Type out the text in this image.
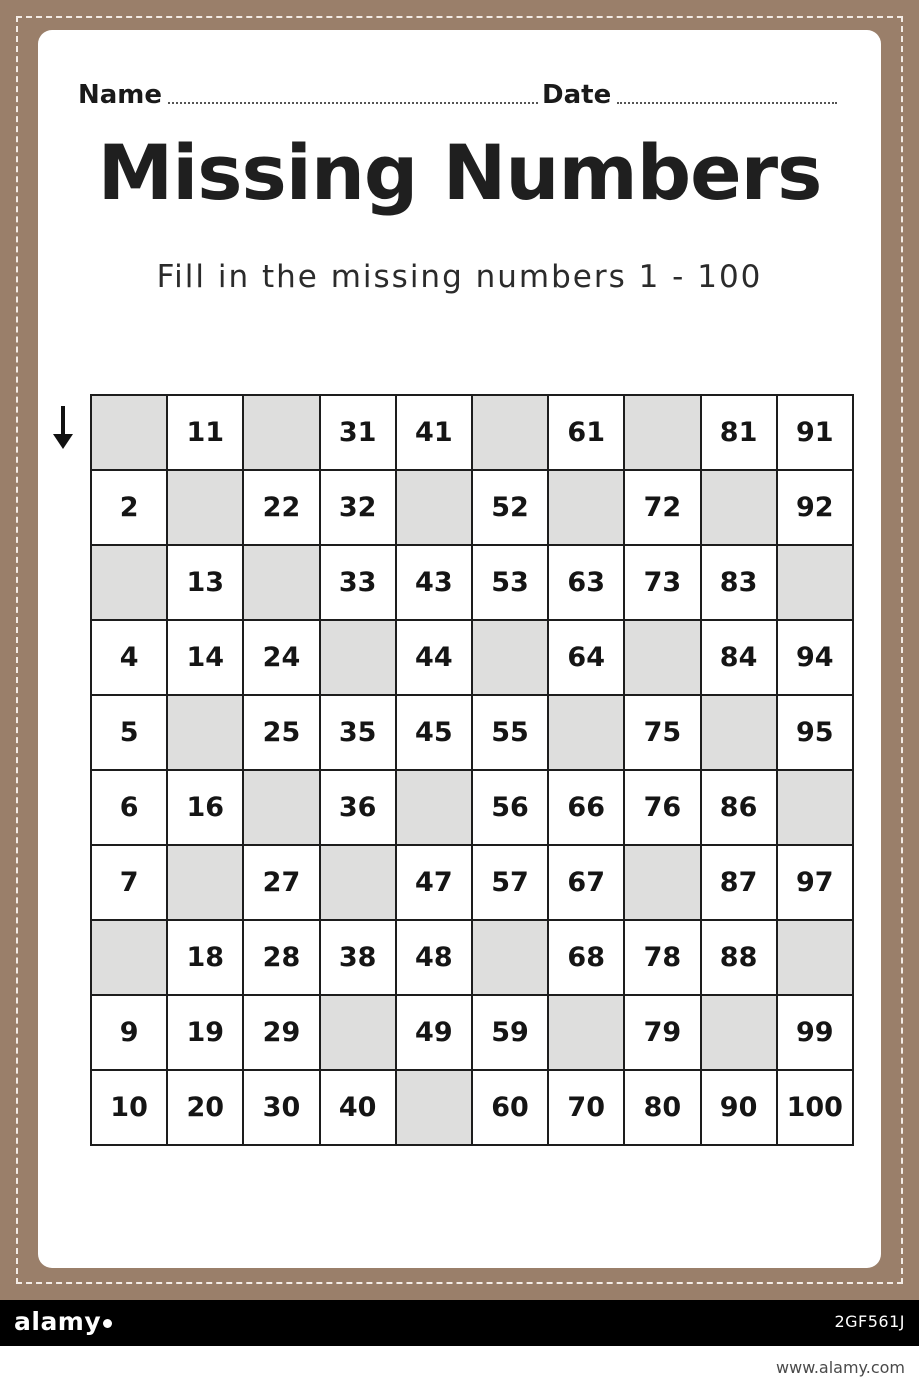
Name	Date
Missing Numbers
Fill in the missing numbers 1 - 100
	11		31	41		61		81	91
2		22	32		52		72		92
	13		33	43	53	63	73	83	
4	14	24		44		64		84	94
5		25	35	45	55		75		95
6	16		36		56	66	76	86	
7		27		47	57	67		87	97
	18	28	38	48		68	78	88	
9	19	29		49	59		79		99
10	20	30	40		60	70	80	90	100
alamy	2GF561J
www.alamy.com
